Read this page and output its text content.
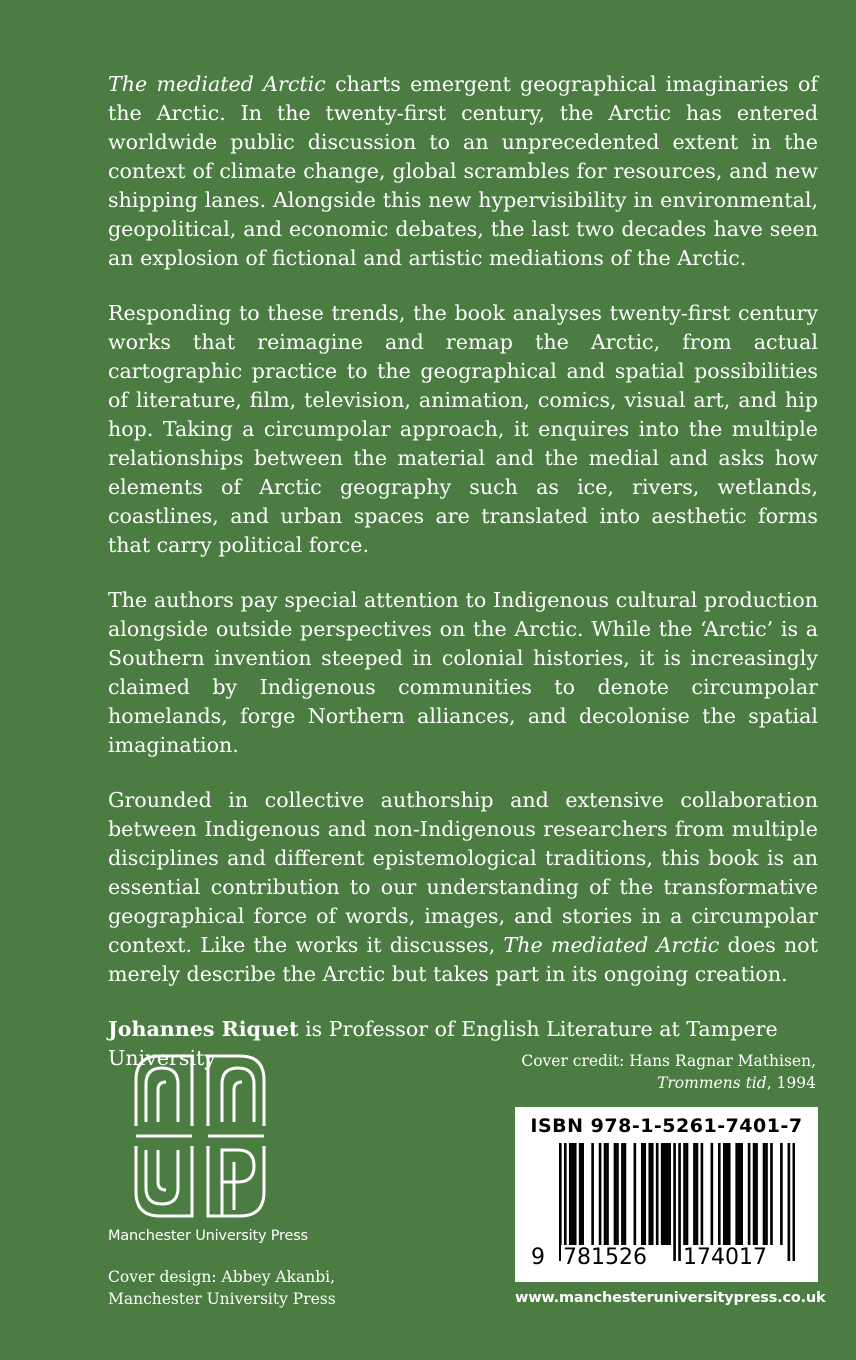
The mediated Arctic charts emergent geographical imaginaries of the Arctic. In the twenty-first century, the Arctic has entered worldwide public discussion to an unprecedented extent in the context of climate change, global scrambles for resources, and new shipping lanes. Alongside this new hypervisibility in environmental, geopolitical, and economic debates, the last two decades have seen an explosion of fictional and artistic mediations of the Arctic.

Responding to these trends, the book analyses twenty-first century works that reimagine and remap the Arctic, from actual cartographic practice to the geographical and spatial possibilities of literature, film, television, animation, comics, visual art, and hip hop. Taking a circumpolar approach, it enquires into the multiple relationships between the material and the medial and asks how elements of Arctic geography such as ice, rivers, wetlands, coastlines, and urban spaces are translated into aesthetic forms that carry political force.

The authors pay special attention to Indigenous cultural production alongside outside perspectives on the Arctic. While the ‘Arctic’ is a Southern invention steeped in colonial histories, it is increasingly claimed by Indigenous communities to denote circumpolar homelands, forge Northern alliances, and decolonise the spatial imagination.

Grounded in collective authorship and extensive collaboration between Indigenous and non-Indigenous researchers from multiple disciplines and different epistemological traditions, this book is an essential contribution to our understanding of the transformative geographical force of words, images, and stories in a circumpolar context. Like the works it discusses, The mediated Arctic does not merely describe the Arctic but takes part in its ongoing creation.

Johannes Riquet is Professor of English Literature at Tampere University

Manchester University Press
Cover design: Abbey Akanbi,
Manchester University Press
Cover credit: Hans Ragnar Mathisen,
Trommens tid, 1994
ISBN 978-1-5261-7401-7
9 781526 174017
www.manchesteruniversitypress.co.uk
